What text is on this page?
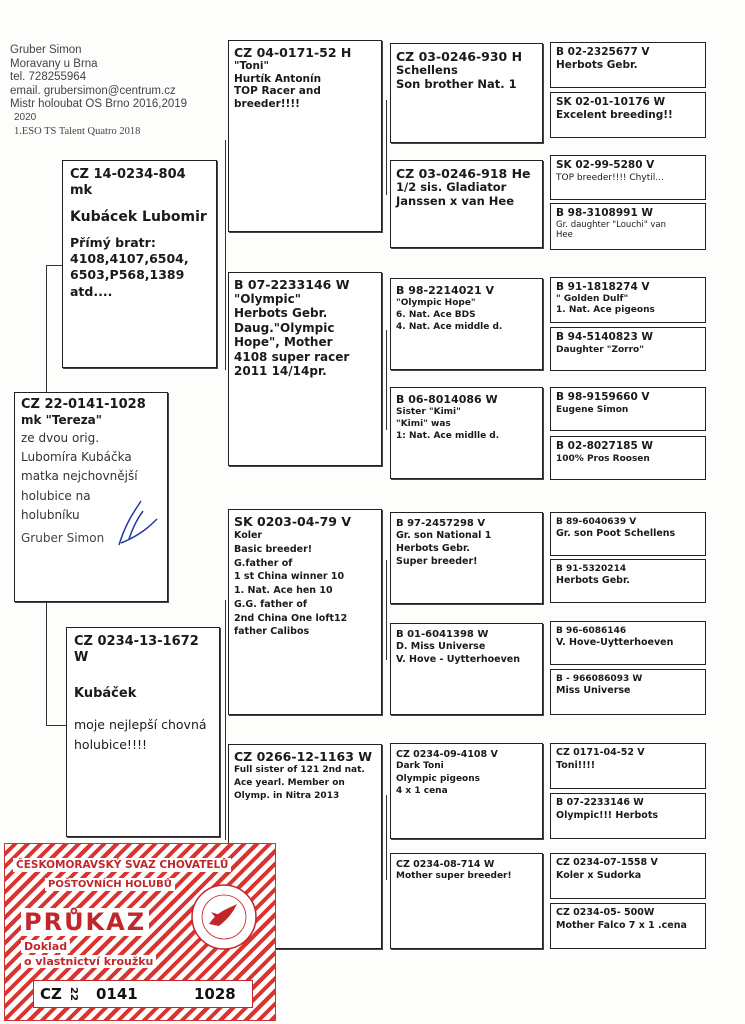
Gruber Simon
Moravany u Brna
tel. 728255964
email. grubersimon@centrum.cz
Mistr holoubat OS Brno 2016,2019
2020
1.ESO TS Talent Quatro 2018
CZ 22-0141-1028
mk "Tereza"
ze dvou orig.
Lubomíra Kubáčka
matka nejchovnější
holubice na
holubníku
Gruber Simon
CZ 14-0234-804 mk
Kubácek Lubomir
Přímý bratr:
4108,4107,6504,
6503,P568,1389
atd....
CZ 0234-13-1672 W
Kubáček
moje nejlepší chovná
holubice!!!!
CZ 04-0171-52 H
"Toni"
Hurtík Antonín
TOP Racer and
breeder!!!!
B 07-2233146 W
"Olympic"
Herbots Gebr.
Daug."Olympic
Hope", Mother
4108 super racer
2011 14/14pr.
SK 0203-04-79 V
Koler
Basic breeder!
G.father of
1 st China winner 10
1. Nat. Ace hen 10
G.G. father of
2nd China One loft12
father Calibos
CZ 0266-12-1163 W
Full sister of 121 2nd nat.
Ace yearl. Member on
Olymp. in Nitra 2013
CZ 03-0246-930 H
Schellens
Son brother Nat. 1
CZ 03-0246-918 He
1/2 sis. Gladiator
Janssen x van Hee
B 98-2214021 V
"Olympic Hope"
6. Nat. Ace BDS
4. Nat. Ace middle d.
B 06-8014086 W
Sister "Kimi"
"Kimi" was
1: Nat. Ace midlle d.
B 97-2457298 V
Gr. son National 1
Herbots Gebr.
Super breeder!
B 01-6041398 W
D. Miss Universe
V. Hove - Uytterhoeven
CZ 0234-09-4108 V
Dark Toni
Olympic pigeons
4 x 1 cena
CZ 0234-08-714 W
Mother super breeder!
B 02-2325677 V
Herbots Gebr.
SK 02-01-10176 W
Excelent breeding!!
SK 02-99-5280 V
TOP breeder!!!! Chytil...
B 98-3108991 W
Gr. daughter "Louchi" van
Hee
B 91-1818274 V
" Golden Dulf"
1. Nat. Ace pigeons
B 94-5140823 W
Daughter "Zorro"
B 98-9159660 V
Eugene Simon
B 02-8027185 W
100% Pros Roosen
B 89-6040639 V
Gr. son Poot Schellens
B 91-5320214
Herbots Gebr.
B 96-6086146
V. Hove-Uytterhoeven
B - 966086093 W
Miss Universe
CZ 0171-04-52 V
Toni!!!!
B 07-2233146 W
Olympic!!! Herbots
CZ 0234-07-1558 V
Koler x Sudorka
CZ 0234-05- 500W
Mother Falco 7 x 1 .cena
ČESKOMORAVSKÝ SVAZ CHOVATELŮ
POŠTOVNÍCH HOLUBŮ
PRŮKAZ
Doklad
o vlastnictví kroužku
CZ 22 0141	1028
